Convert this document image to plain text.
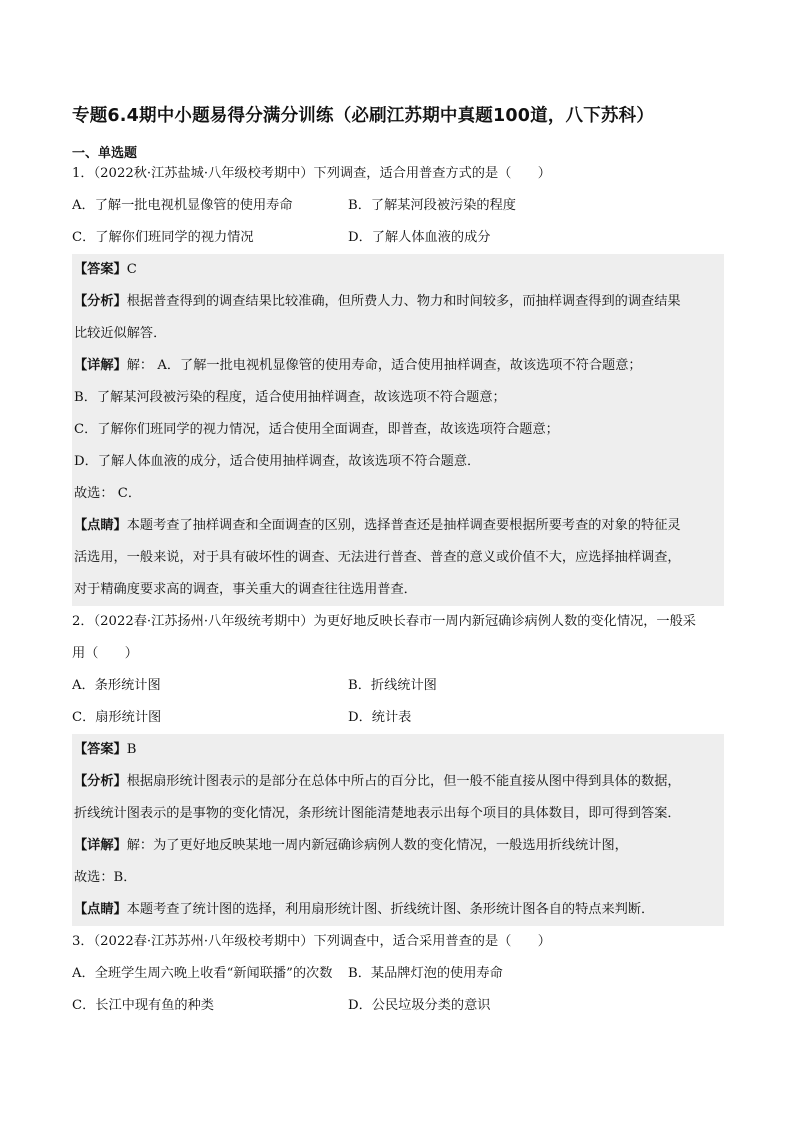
专题6.4期中小题易得分满分训练（必刷江苏期中真题100道，八下苏科）
一、单选题
1．（2022秋·江苏盐城·八年级校考期中）下列调查，适合用普查方式的是（　　）
A．了解一批电视机显像管的使用寿命	B．了解某河段被污染的程度
C．了解你们班同学的视力情况	D．了解人体血液的成分
【答案】C
【分析】根据普查得到的调查结果比较准确，但所费人力、物力和时间较多，而抽样调查得到的调查结果
比较近似解答．
【详解】解： A．了解一批电视机显像管的使用寿命，适合使用抽样调查，故该选项不符合题意；
B．了解某河段被污染的程度，适合使用抽样调查，故该选项不符合题意；
C．了解你们班同学的视力情况，适合使用全面调查，即普查，故该选项符合题意；
D．了解人体血液的成分，适合使用抽样调查，故该选项不符合题意．
故选： C．
【点睛】本题考查了抽样调查和全面调查的区别，选择普查还是抽样调查要根据所要考查的对象的特征灵
活选用，一般来说，对于具有破坏性的调查、无法进行普查、普查的意义或价值不大，应选择抽样调查，
对于精确度要求高的调查，事关重大的调查往往选用普查．
2．（2022春·江苏扬州·八年级统考期中）为更好地反映长春市一周内新冠确诊病例人数的变化情况，一般采
用（　　）
A．条形统计图	B．折线统计图
C．扇形统计图	D．统计表
【答案】B
【分析】根据扇形统计图表示的是部分在总体中所占的百分比，但一般不能直接从图中得到具体的数据，
折线统计图表示的是事物的变化情况，条形统计图能清楚地表示出每个项目的具体数目，即可得到答案．
【详解】解：为了更好地反映某地一周内新冠确诊病例人数的变化情况，一般选用折线统计图，
故选：B．
【点睛】本题考查了统计图的选择，利用扇形统计图、折线统计图、条形统计图各自的特点来判断．
3．（2022春·江苏苏州·八年级校考期中）下列调查中，适合采用普查的是（　　）
A．全班学生周六晚上收看“新闻联播”的次数	B．某品牌灯泡的使用寿命
C．长江中现有鱼的种类	D．公民垃圾分类的意识
